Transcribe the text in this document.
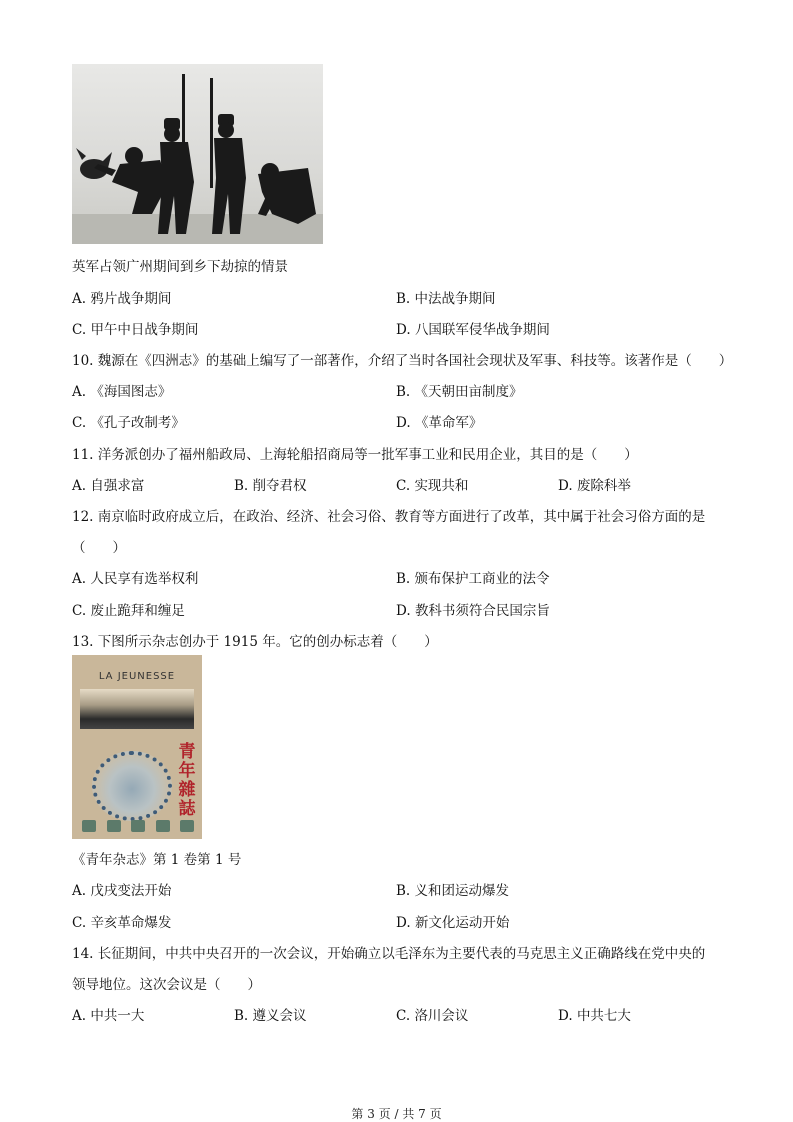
英军占领广州期间到乡下劫掠的情景
A. 鸦片战争期间	B. 中法战争期间
C. 甲午中日战争期间	D. 八国联军侵华战争期间
10. 魏源在《四洲志》的基础上编写了一部著作，介绍了当时各国社会现状及军事、科技等。该著作是（　　）
A. 《海国图志》	B. 《天朝田亩制度》
C. 《孔子改制考》	D. 《革命军》
11. 洋务派创办了福州船政局、上海轮船招商局等一批军事工业和民用企业，其目的是（　　）
A. 自强求富	B. 削夺君权	C. 实现共和	D. 废除科举
12. 南京临时政府成立后，在政治、经济、社会习俗、教育等方面进行了改革，其中属于社会习俗方面的是
（　　）
A. 人民享有选举权利	B. 颁布保护工商业的法令
C. 废止跪拜和缠足	D. 教科书须符合民国宗旨
13. 下图所示杂志创办于 1915 年。它的创办标志着（　　）
LA JEUNESSE
青
年
雜
誌
《青年杂志》第 1 卷第 1 号
A. 戊戌变法开始	B. 义和团运动爆发
C. 辛亥革命爆发	D. 新文化运动开始
14. 长征期间，中共中央召开的一次会议，开始确立以毛泽东为主要代表的马克思主义正确路线在党中央的
领导地位。这次会议是（　　）
A. 中共一大	B. 遵义会议	C. 洛川会议	D. 中共七大
第 3 页 / 共 7 页
